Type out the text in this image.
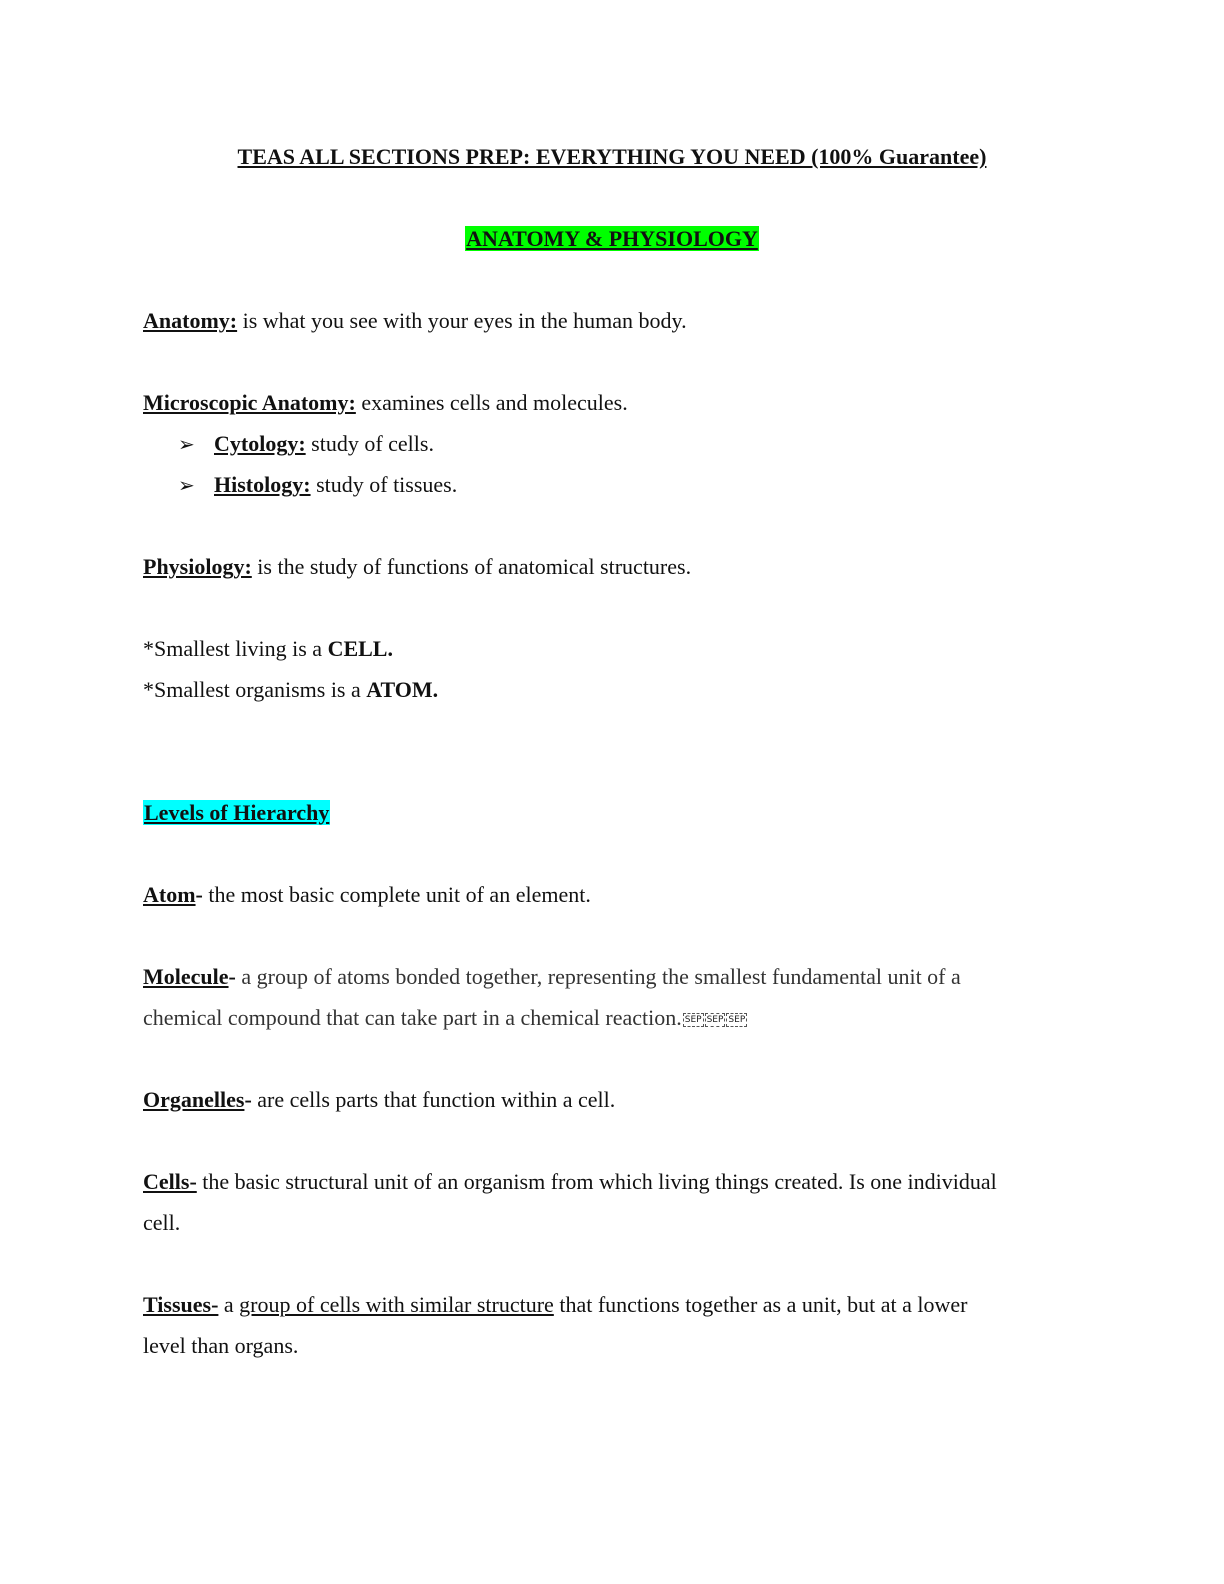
TEAS ALL SECTIONS PREP: EVERYTHING YOU NEED (100% Guarantee)
ANATOMY & PHYSIOLOGY
Anatomy: is what you see with your eyes in the human body.
Microscopic Anatomy: examines cells and molecules.
➢ Cytology: study of cells.
➢ Histology: study of tissues.
Physiology: is the study of functions of anatomical structures.
*Smallest living is a CELL.
*Smallest organisms is a ATOM.
Levels of Hierarchy
Atom- the most basic complete unit of an element.
Molecule- a group of atoms bonded together, representing the smallest fundamental unit of a
chemical compound that can take part in a chemical reaction. SEP SEP SEP
Organelles- are cells parts that function within a cell.
Cells- the basic structural unit of an organism from which living things created. Is one individual
cell.
Tissues- a group of cells with similar structure that functions together as a unit, but at a lower
level than organs.
